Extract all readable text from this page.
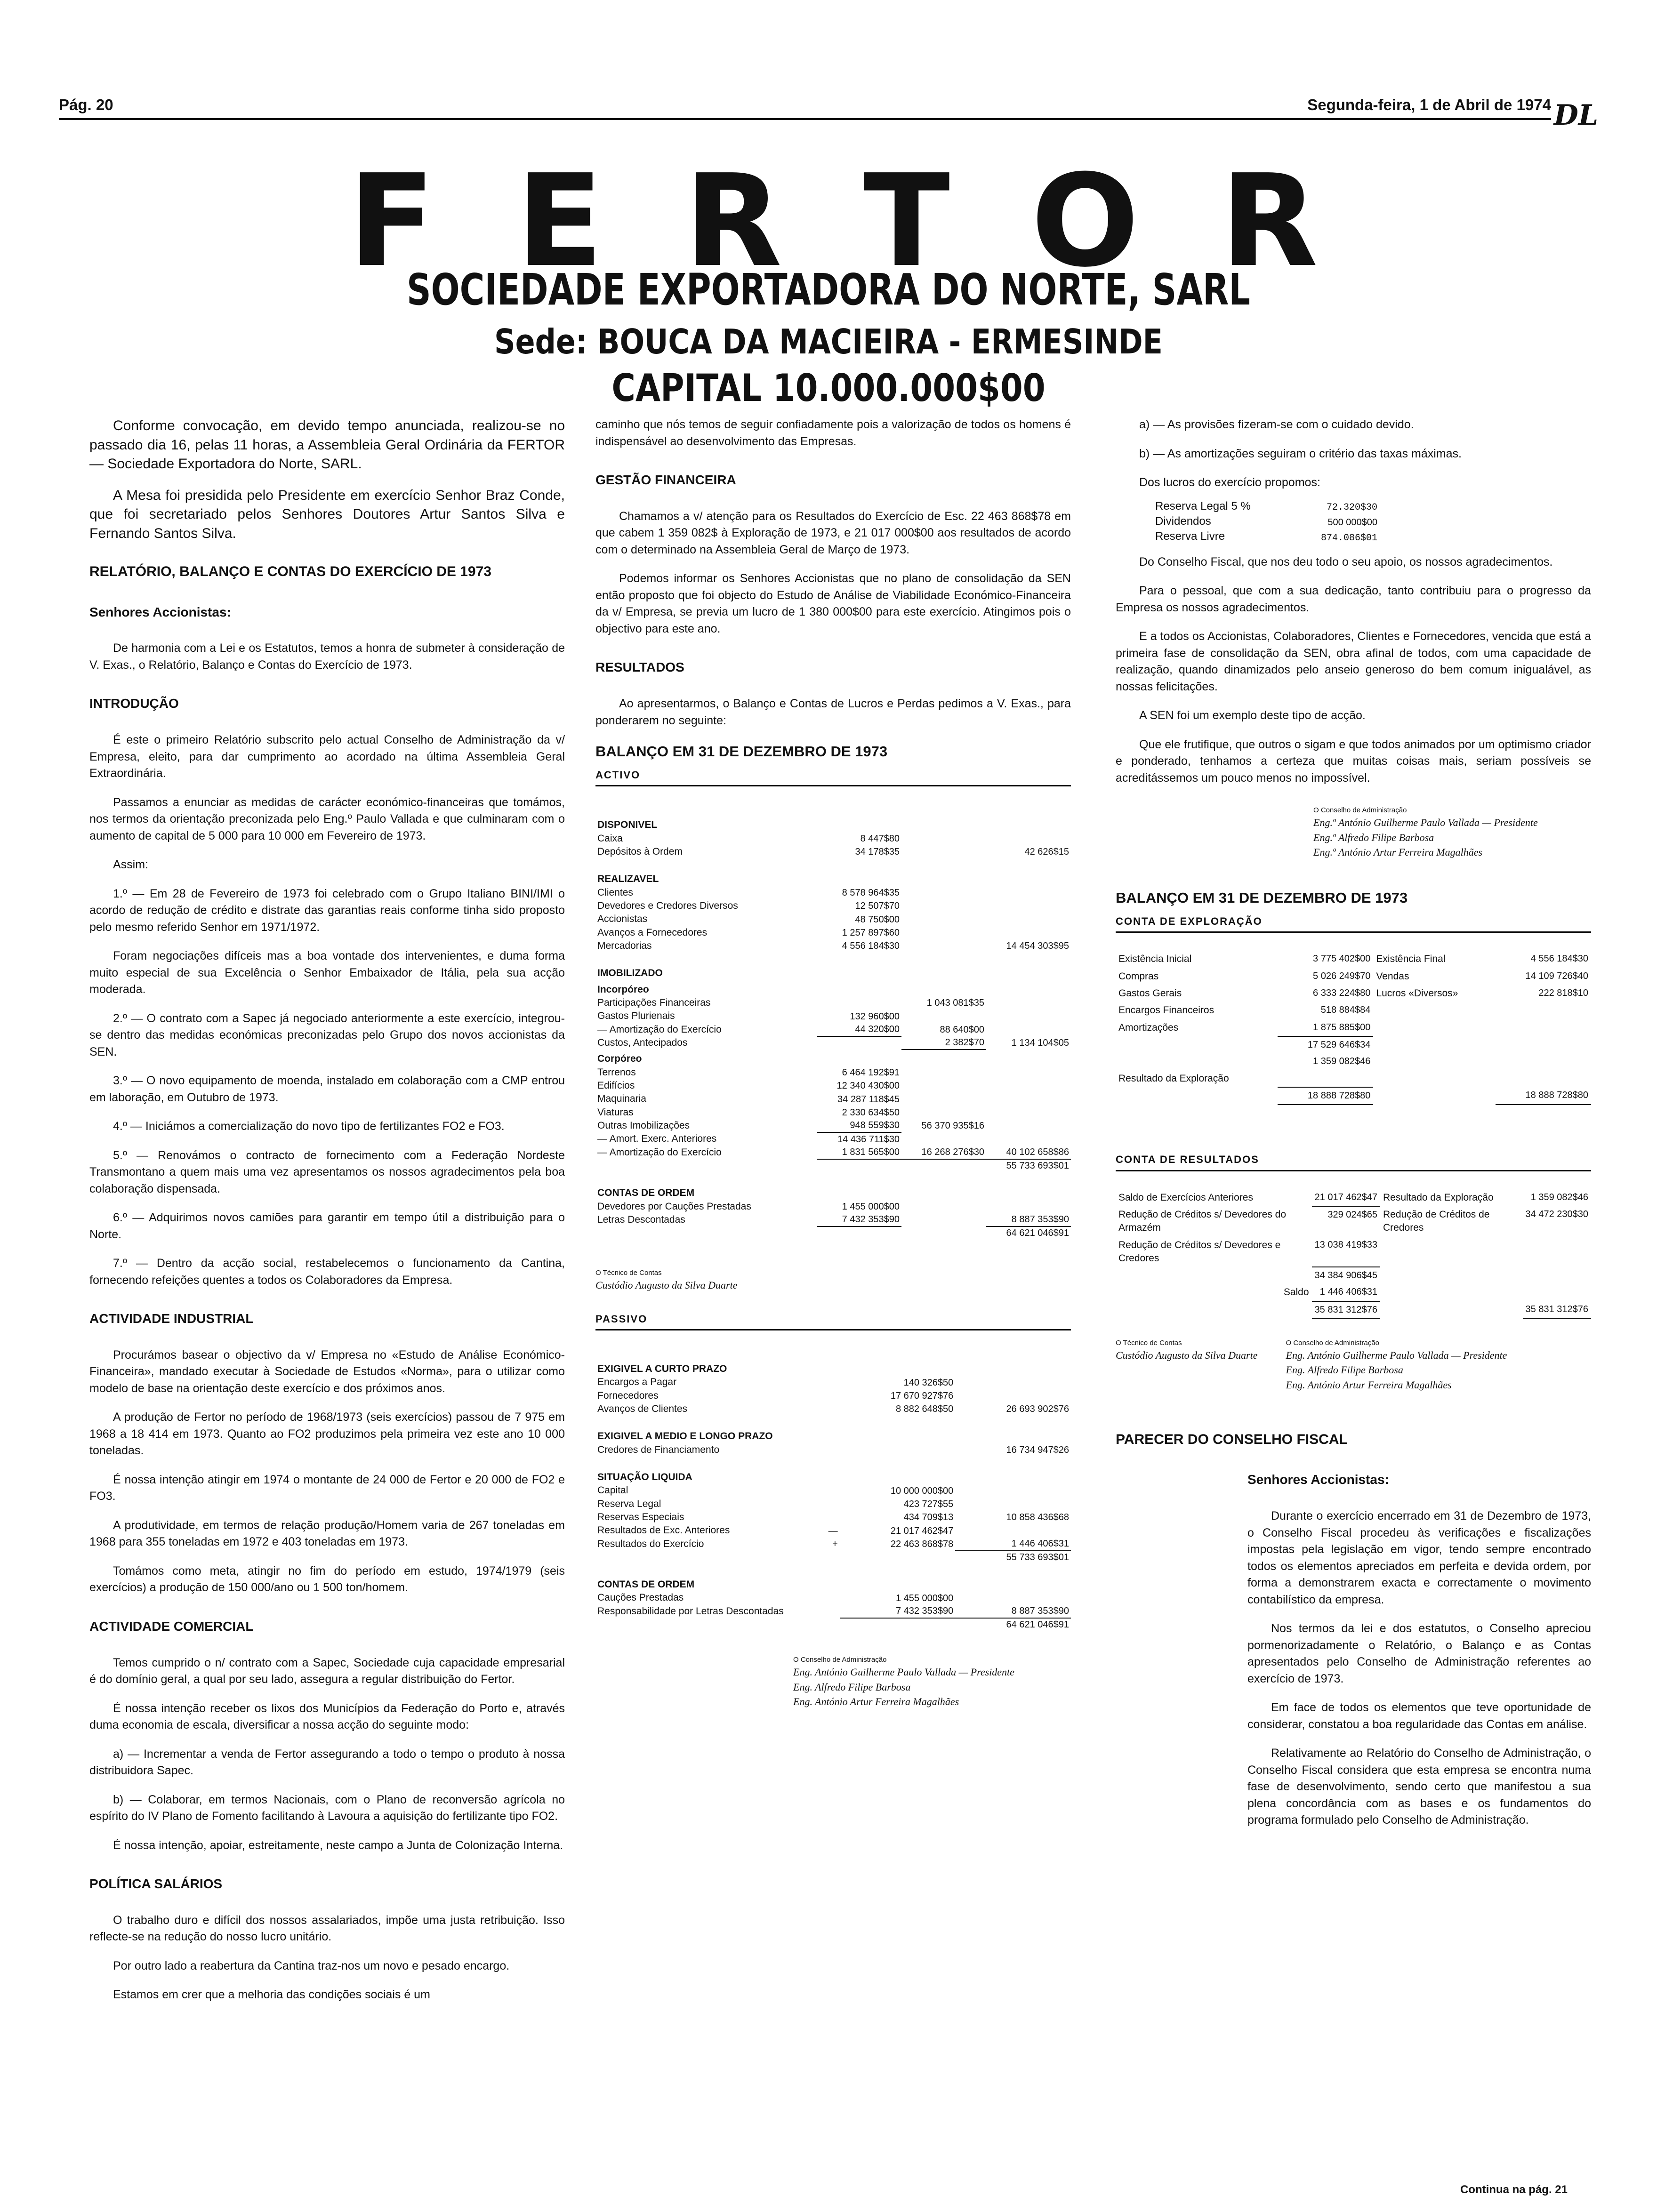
Pág. 20	Segunda-feira, 1 de Abril de 1974 DL
F E R T O R
SOCIEDADE EXPORTADORA DO NORTE, SARL
Sede: BOUCA DA MACIEIRA - ERMESINDE
CAPITAL 10.000.000$00

Conforme convocação, em devido tempo anunciada, realizou-se no passado dia 16, pelas 11 horas, a Assembleia Geral Ordinária da FERTOR — Sociedade Exportadora do Norte, SARL.

A Mesa foi presidida pelo Presidente em exercício Senhor Braz Conde, que foi secretariado pelos Senhores Doutores Artur Santos Silva e Fernando Santos Silva.

RELATÓRIO, BALANÇO E CONTAS DO EXERCÍCIO DE 1973
Senhores Accionistas:

De harmonia com a Lei e os Estatutos, temos a honra de submeter à consideração de V. Exas., o Relatório, Balanço e Contas do Exercício de 1973.

INTRODUÇÃO

É este o primeiro Relatório subscrito pelo actual Conselho de Administração da v/ Empresa, eleito, para dar cumprimento ao acordado na última Assembleia Geral Extraordinária.

Passamos a enunciar as medidas de carácter económico-financeiras que tomámos, nos termos da orientação preconizada pelo Eng.º Paulo Vallada e que culminaram com o aumento de capital de 5 000 para 10 000 em Fevereiro de 1973.

Assim:

1.º — Em 28 de Fevereiro de 1973 foi celebrado com o Grupo Italiano BINI/IMI o acordo de redução de crédito e distrate das garantias reais conforme tinha sido proposto pelo mesmo referido Senhor em 1971/1972.

Foram negociações difíceis mas a boa vontade dos intervenientes, e duma forma muito especial de sua Excelência o Senhor Embaixador de Itália, pela sua acção moderada.

2.º — O contrato com a Sapec já negociado anteriormente a este exercício, integrou-se dentro das medidas económicas preconizadas pelo Grupo dos novos accionistas da SEN.

3.º — O novo equipamento de moenda, instalado em colaboração com a CMP entrou em laboração, em Outubro de 1973.

4.º — Iniciámos a comercialização do novo tipo de fertilizantes FO2 e FO3.

5.º — Renovámos o contracto de fornecimento com a Federação Nordeste Transmontano a quem mais uma vez apresentamos os nossos agradecimentos pela boa colaboração dispensada.

6.º — Adquirimos novos camiões para garantir em tempo útil a distribuição para o Norte.

7.º — Dentro da acção social, restabelecemos o funcionamento da Cantina, fornecendo refeições quentes a todos os Colaboradores da Empresa.

ACTIVIDADE INDUSTRIAL

Procurámos basear o objectivo da v/ Empresa no «Estudo de Análise Económico-Financeira», mandado executar à Sociedade de Estudos «Norma», para o utilizar como modelo de base na orientação deste exercício e dos próximos anos.

A produção de Fertor no período de 1968/1973 (seis exercícios) passou de 7 975 em 1968 a 18 414 em 1973. Quanto ao FO2 produzimos pela primeira vez este ano 10 000 toneladas.

É nossa intenção atingir em 1974 o montante de 24 000 de Fertor e 20 000 de FO2 e FO3.

A produtividade, em termos de relação produção/Homem varia de 267 toneladas em 1968 para 355 toneladas em 1972 e 403 toneladas em 1973.

Tomámos como meta, atingir no fim do período em estudo, 1974/1979 (seis exercícios) a produção de 150 000/ano ou 1 500 ton/homem.

ACTIVIDADE COMERCIAL

Temos cumprido o n/ contrato com a Sapec, Sociedade cuja capacidade empresarial é do domínio geral, a qual por seu lado, assegura a regular distribuição do Fertor.

É nossa intenção receber os lixos dos Municípios da Federação do Porto e, através duma economia de escala, diversificar a nossa acção do seguinte modo:

a) — Incrementar a venda de Fertor assegurando a todo o tempo o produto à nossa distribuidora Sapec.

b) — Colaborar, em termos Nacionais, com o Plano de reconversão agrícola no espírito do IV Plano de Fomento facilitando à Lavoura a aquisição do fertilizante tipo FO2.

É nossa intenção, apoiar, estreitamente, neste campo a Junta de Colonização Interna.

POLÍTICA SALÁRIOS

O trabalho duro e difícil dos nossos assalariados, impõe uma justa retribuição. Isso reflecte-se na redução do nosso lucro unitário.

Por outro lado a reabertura da Cantina traz-nos um novo e pesado encargo.

Estamos em crer que a melhoria das condições sociais é um

caminho que nós temos de seguir confiadamente pois a valorização de todos os homens é indispensável ao desenvolvimento das Empresas.

GESTÃO FINANCEIRA

Chamamos a v/ atenção para os Resultados do Exercício de Esc. 22 463 868$78 em que cabem 1 359 082$ à Exploração de 1973, e 21 017 000$00 aos resultados de acordo com o determinado na Assembleia Geral de Março de 1973.

Podemos informar os Senhores Accionistas que no plano de consolidação da SEN então proposto que foi objecto do Estudo de Análise de Viabilidade Económico-Financeira da v/ Empresa, se previa um lucro de 1 380 000$00 para este exercício. Atingimos pois o objectivo para este ano.

RESULTADOS

Ao apresentarmos, o Balanço e Contas de Lucros e Perdas pedimos a V. Exas., para ponderarem no seguinte:

BALANÇO EM 31 DE DEZEMBRO DE 1973
ACTIVO
DISPONIVEL			
Caixa	8 447$80		
Depósitos à Ordem	34 178$35		42 626$15
REALIZAVEL			
Clientes	8 578 964$35		
Devedores e Credores Diversos	12 507$70		
Accionistas	48 750$00		
Avanços a Fornecedores	1 257 897$60		
Mercadorias	4 556 184$30		14 454 303$95
IMOBILIZADO			
Incorpóreo			
Participações Financeiras		1 043 081$35	
Gastos Plurienais	132 960$00		
— Amortização do Exercício	44 320$00	88 640$00	
Custos, Antecipados		2 382$70	1 134 104$05
Corpóreo			
Terrenos	6 464 192$91		
Edifícios	12 340 430$00		
Maquinaria	34 287 118$45		
Viaturas	2 330 634$50		
Outras Imobilizações	948 559$30	56 370 935$16	
— Amort. Exerc. Anteriores	14 436 711$30		
— Amortização do Exercício	1 831 565$00	16 268 276$30	40 102 658$86
			55 733 693$01
CONTAS DE ORDEM			
Devedores por Cauções Prestadas	1 455 000$00		
Letras Descontadas	7 432 353$90		8 887 353$90
			64 621 046$91
O Técnico de Contas
Custódio Augusto da Silva Duarte
PASSIVO
EXIGIVEL A CURTO PRAZO			
Encargos a Pagar		140 326$50	
Fornecedores		17 670 927$76	
Avanços de Clientes		8 882 648$50	26 693 902$76
EXIGIVEL A MEDIO E LONGO PRAZO			
Credores de Financiamento			16 734 947$26
SITUAÇÃO LIQUIDA			
Capital		10 000 000$00	
Reserva Legal		423 727$55	
Reservas Especiais		434 709$13	10 858 436$68
Resultados de Exc. Anteriores	—	21 017 462$47	
Resultados do Exercício	+	22 463 868$78	1 446 406$31
			55 733 693$01
CONTAS DE ORDEM			
Cauções Prestadas		1 455 000$00	
Responsabilidade por Letras Descontadas		7 432 353$90	8 887 353$90
			64 621 046$91
O Conselho de Administração
Eng. António Guilherme Paulo Vallada — Presidente
Eng. Alfredo Filipe Barbosa
Eng. António Artur Ferreira Magalhães

a) — As provisões fizeram-se com o cuidado devido.

b) — As amortizações seguiram o critério das taxas máximas.

Dos lucros do exercício propomos:

Reserva Legal 5 %	72.320$30
Dividendos	500 000$00
Reserva Livre	874.086$01

Do Conselho Fiscal, que nos deu todo o seu apoio, os nossos agradecimentos.

Para o pessoal, que com a sua dedicação, tanto contribuiu para o progresso da Empresa os nossos agradecimentos.

E a todos os Accionistas, Colaboradores, Clientes e Fornecedores, vencida que está a primeira fase de consolidação da SEN, obra afinal de todos, com uma capacidade de realização, quando dinamizados pelo anseio generoso do bem comum inigualável, as nossas felicitações.

A SEN foi um exemplo deste tipo de acção.

Que ele frutifique, que outros o sigam e que todos animados por um optimismo criador e ponderado, tenhamos a certeza que muitas coisas mais, seriam possíveis se acreditássemos um pouco menos no impossível.

O Conselho de Administração
Eng.º António Guilherme Paulo Vallada — Presidente
Eng.º Alfredo Filipe Barbosa
Eng.º António Artur Ferreira Magalhães
BALANÇO EM 31 DE DEZEMBRO DE 1973
CONTA DE EXPLORAÇÃO
Existência Inicial	3 775 402$00	Existência Final	4 556 184$30
Compras	5 026 249$70	Vendas	14 109 726$40
Gastos Gerais	6 333 224$80	Lucros «Diversos»	222 818$10
Encargos Financeiros	518 884$84		
Amortizações	1 875 885$00		
	17 529 646$34		
Resultado da Exploração	1 359 082$46		
	18 888 728$80		18 888 728$80
CONTA DE RESULTADOS
Saldo de Exercícios Anteriores	21 017 462$47	Resultado da Exploração	1 359 082$46
Redução de Créditos s/ Devedores do Armazém	329 024$65	Redução de Créditos de Credores	34 472 230$30
Redução de Créditos s/ Devedores e Credores	13 038 419$33		
	34 384 906$45		
Saldo	1 446 406$31		
	35 831 312$76		35 831 312$76
O Técnico de Contas
Custódio Augusto da Silva Duarte
O Conselho de Administração
Eng. António Guilherme Paulo Vallada — Presidente
Eng. Alfredo Filipe Barbosa
Eng. António Artur Ferreira Magalhães
PARECER DO CONSELHO FISCAL
Senhores Accionistas:

Durante o exercício encerrado em 31 de Dezembro de 1973, o Conselho Fiscal procedeu às verificações e fiscalizações impostas pela legislação em vigor, tendo sempre encontrado todos os elementos apreciados em perfeita e devida ordem, por forma a demonstrarem exacta e correctamente o movimento contabilístico da empresa.

Nos termos da lei e dos estatutos, o Conselho apreciou pormenorizadamente o Relatório, o Balanço e as Contas apresentados pelo Conselho de Administração referentes ao exercício de 1973.

Em face de todos os elementos que teve oportunidade de considerar, constatou a boa regularidade das Contas em análise.

Relativamente ao Relatório do Conselho de Administração, o Conselho Fiscal considera que esta empresa se encontra numa fase de desenvolvimento, sendo certo que manifestou a sua plena concordância com as bases e os fundamentos do programa formulado pelo Conselho de Administração.

Continua na pág. 21
